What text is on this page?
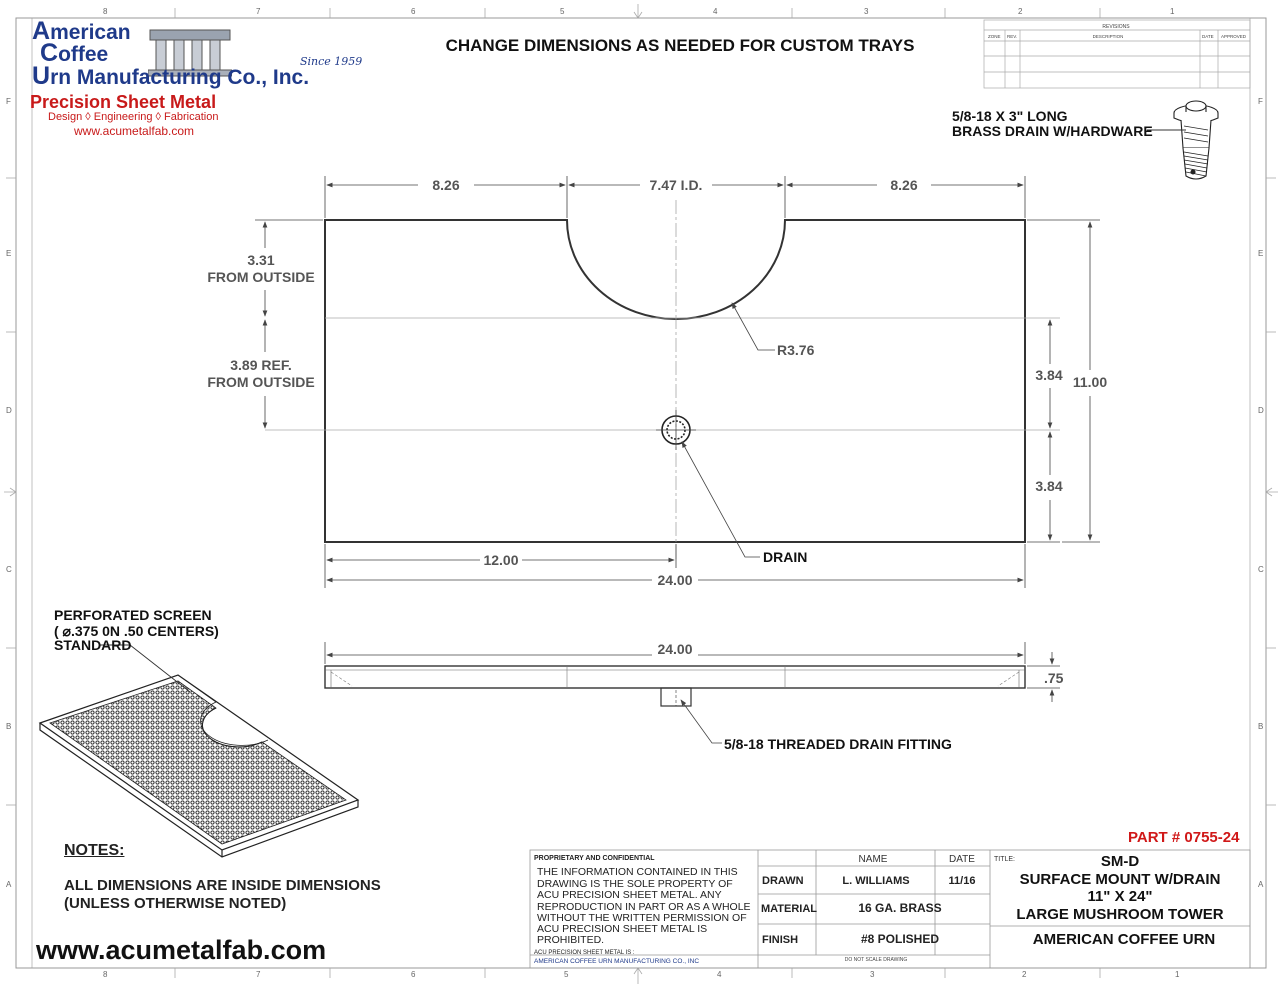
8	7	6	5	4	3	2	1
8	7	6	5	4	3	2	1
F
E
D
C
B
A
F
E
D
C
B
A
REVISIONS
ZONE REV.	DESCRIPTION	DATE APPROVED
8.26	7.47 I.D.	8.26
3.31
FROM OUTSIDE
3.89 REF.
FROM OUTSIDE
R3.76
3.84
3.84
11.00
DRAIN
12.00
24.00
24.00
.75
5/8-18 THREADED DRAIN FITTING
PERFORATED SCREEN
( ⌀.375 0N .50 CENTERS)
STANDARD
5/8-18 X 3" LONG
BRASS DRAIN W/HARDWARE
PROPRIETARY AND CONFIDENTIAL
THE INFORMATION CONTAINED IN THIS
DRAWING IS THE SOLE PROPERTY OF
ACU PRECISION SHEET METAL. ANY
REPRODUCTION IN PART OR AS A WHOLE
WITHOUT THE WRITTEN PERMISSION OF
ACU PRECISION SHEET METAL IS
PROHIBITED.
ACU PRECISION SHEET METAL IS :
AMERICAN COFFEE URN MANUFACTURING CO., INC
NAME	DATE
DRAWN	L. WILLIAMS	11/16
MATERIAL	16 GA. BRASS
FINISH	#8 POLISHED
DO NOT SCALE DRAWING
TITLE:	SM-D
SURFACE MOUNT W/DRAIN
11" X 24"
LARGE MUSHROOM TOWER
AMERICAN COFFEE URN
American
Coffee
Urn Manufacturing Co., Inc.
Since 1959
Precision Sheet Metal
Design ◊ Engineering ◊ Fabrication
www.acumetalfab.com
CHANGE DIMENSIONS AS NEEDED FOR CUSTOM TRAYS
NOTES:
ALL DIMENSIONS ARE INSIDE DIMENSIONS
(UNLESS OTHERWISE NOTED)
www.acumetalfab.com
PART # 0755-24
